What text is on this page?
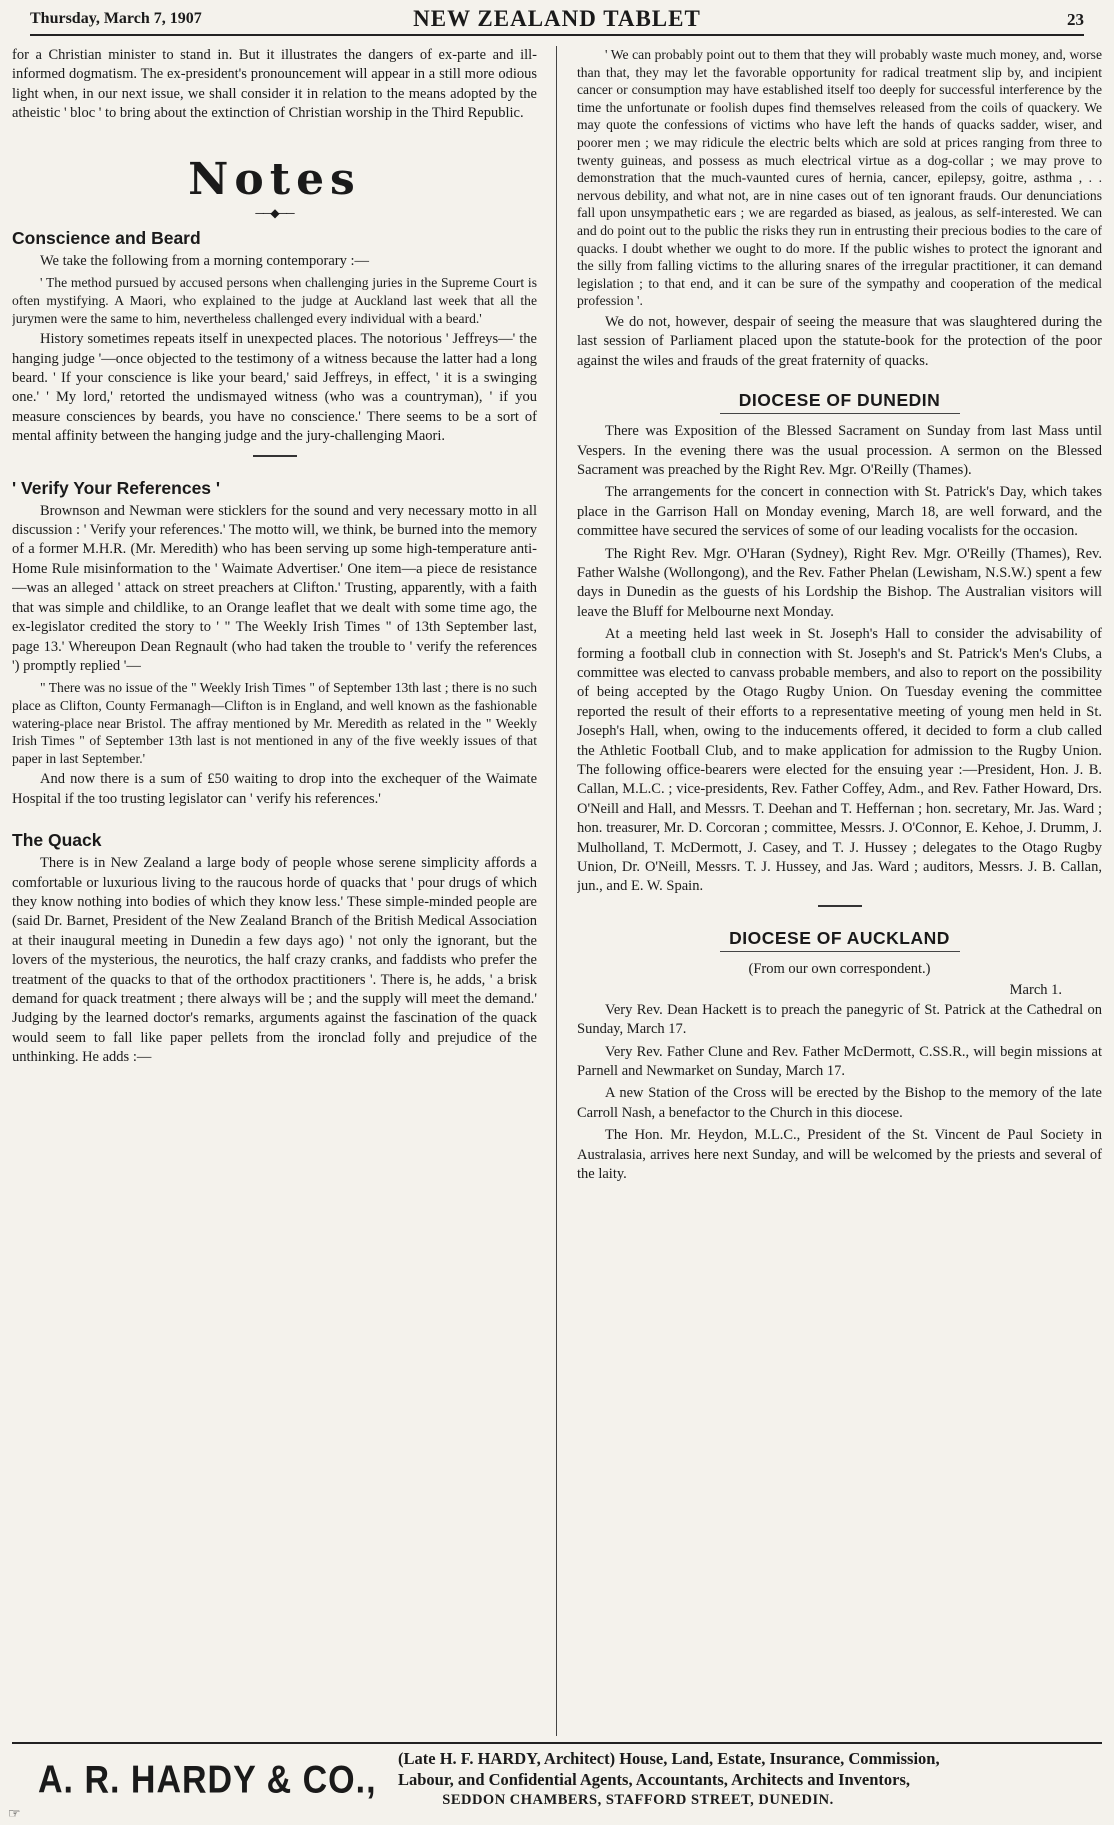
Thursday, March 7, 1907	NEW ZEALAND TABLET	23

for a Christian minister to stand in. But it illustrates the dangers of ex-parte and ill-informed dogmatism. The ex-president's pronouncement will appear in a still more odious light when, in our next issue, we shall consider it in relation to the means adopted by the atheistic ' bloc ' to bring about the extinction of Christian worship in the Third Republic.

Notes
──◆──
Conscience and Beard

We take the following from a morning contemporary :—

' The method pursued by accused persons when challenging juries in the Supreme Court is often mystifying. A Maori, who explained to the judge at Auckland last week that all the jurymen were the same to him, nevertheless challenged every individual with a beard.'

History sometimes repeats itself in unexpected places. The notorious ' Jeffreys—' the hanging judge '—once objected to the testimony of a witness because the latter had a long beard. ' If your conscience is like your beard,' said Jeffreys, in effect, ' it is a swinging one.' ' My lord,' retorted the undismayed witness (who was a countryman), ' if you measure consciences by beards, you have no conscience.' There seems to be a sort of mental affinity between the hanging judge and the jury-challenging Maori.

' Verify Your References '

Brownson and Newman were sticklers for the sound and very necessary motto in all discussion : ' Verify your references.' The motto will, we think, be burned into the memory of a former M.H.R. (Mr. Meredith) who has been serving up some high-temperature anti-Home Rule misinformation to the ' Waimate Advertiser.' One item—a piece de resistance—was an alleged ' attack on street preachers at Clifton.' Trusting, apparently, with a faith that was simple and childlike, to an Orange leaflet that we dealt with some time ago, the ex-legislator credited the story to ' " The Weekly Irish Times " of 13th September last, page 13.' Whereupon Dean Regnault (who had taken the trouble to ' verify the references ') promptly replied '—

" There was no issue of the " Weekly Irish Times " of September 13th last ; there is no such place as Clifton, County Fermanagh—Clifton is in England, and well known as the fashionable watering-place near Bristol. The affray mentioned by Mr. Meredith as related in the " Weekly Irish Times " of September 13th last is not mentioned in any of the five weekly issues of that paper in last September.'

And now there is a sum of £50 waiting to drop into the exchequer of the Waimate Hospital if the too trusting legislator can ' verify his references.'

The Quack

There is in New Zealand a large body of people whose serene simplicity affords a comfortable or luxurious living to the raucous horde of quacks that ' pour drugs of which they know nothing into bodies of which they know less.' These simple-minded people are (said Dr. Barnet, President of the New Zealand Branch of the British Medical Association at their inaugural meeting in Dunedin a few days ago) ' not only the ignorant, but the lovers of the mysterious, the neurotics, the half crazy cranks, and faddists who prefer the treatment of the quacks to that of the orthodox practitioners '. There is, he adds, ' a brisk demand for quack treatment ; there always will be ; and the supply will meet the demand.' Judging by the learned doctor's remarks, arguments against the fascination of the quack would seem to fall like paper pellets from the ironclad folly and prejudice of the unthinking. He adds :—

' We can probably point out to them that they will probably waste much money, and, worse than that, they may let the favorable opportunity for radical treatment slip by, and incipient cancer or consumption may have established itself too deeply for successful interference by the time the unfortunate or foolish dupes find themselves released from the coils of quackery. We may quote the confessions of victims who have left the hands of quacks sadder, wiser, and poorer men ; we may ridicule the electric belts which are sold at prices ranging from three to twenty guineas, and possess as much electrical virtue as a dog-collar ; we may prove to demonstration that the much-vaunted cures of hernia, cancer, epilepsy, goitre, asthma , . . nervous debility, and what not, are in nine cases out of ten ignorant frauds. Our denunciations fall upon unsympathetic ears ; we are regarded as biased, as jealous, as self-interested. We can and do point out to the public the risks they run in entrusting their precious bodies to the care of quacks. I doubt whether we ought to do more. If the public wishes to protect the ignorant and the silly from falling victims to the alluring snares of the irregular practitioner, it can demand legislation ; to that end, and it can be sure of the sympathy and cooperation of the medical profession '.

We do not, however, despair of seeing the measure that was slaughtered during the last session of Parliament placed upon the statute-book for the protection of the poor against the wiles and frauds of the great fraternity of quacks.

DIOCESE OF DUNEDIN

There was Exposition of the Blessed Sacrament on Sunday from last Mass until Vespers. In the evening there was the usual procession. A sermon on the Blessed Sacrament was preached by the Right Rev. Mgr. O'Reilly (Thames).

The arrangements for the concert in connection with St. Patrick's Day, which takes place in the Garrison Hall on Monday evening, March 18, are well forward, and the committee have secured the services of some of our leading vocalists for the occasion.

The Right Rev. Mgr. O'Haran (Sydney), Right Rev. Mgr. O'Reilly (Thames), Rev. Father Walshe (Wollongong), and the Rev. Father Phelan (Lewisham, N.S.W.) spent a few days in Dunedin as the guests of his Lordship the Bishop. The Australian visitors will leave the Bluff for Melbourne next Monday.

At a meeting held last week in St. Joseph's Hall to consider the advisability of forming a football club in connection with St. Joseph's and St. Patrick's Men's Clubs, a committee was elected to canvass probable members, and also to report on the possibility of being accepted by the Otago Rugby Union. On Tuesday evening the committee reported the result of their efforts to a representative meeting of young men held in St. Joseph's Hall, when, owing to the inducements offered, it decided to form a club called the Athletic Football Club, and to make application for admission to the Rugby Union. The following office-bearers were elected for the ensuing year :—President, Hon. J. B. Callan, M.L.C. ; vice-presidents, Rev. Father Coffey, Adm., and Rev. Father Howard, Drs. O'Neill and Hall, and Messrs. T. Deehan and T. Heffernan ; hon. secretary, Mr. Jas. Ward ; hon. treasurer, Mr. D. Corcoran ; committee, Messrs. J. O'Connor, E. Kehoe, J. Drumm, J. Mulholland, T. McDermott, J. Casey, and T. J. Hussey ; delegates to the Otago Rugby Union, Dr. O'Neill, Messrs. T. J. Hussey, and Jas. Ward ; auditors, Messrs. J. B. Callan, jun., and E. W. Spain.

DIOCESE OF AUCKLAND

(From our own correspondent.)

March 1.

Very Rev. Dean Hackett is to preach the panegyric of St. Patrick at the Cathedral on Sunday, March 17.

Very Rev. Father Clune and Rev. Father McDermott, C.SS.R., will begin missions at Parnell and Newmarket on Sunday, March 17.

A new Station of the Cross will be erected by the Bishop to the memory of the late Carroll Nash, a benefactor to the Church in this diocese.

The Hon. Mr. Heydon, M.L.C., President of the St. Vincent de Paul Society in Australasia, arrives here next Sunday, and will be welcomed by the priests and several of the laity.

A. R. HARDY & CO., (Late H. F. HARDY, Architect) House, Land, Estate, Insurance, Commission,
Labour, and Confidential Agents, Accountants, Architects and Inventors,
SEDDON CHAMBERS, STAFFORD STREET, DUNEDIN.
☞
